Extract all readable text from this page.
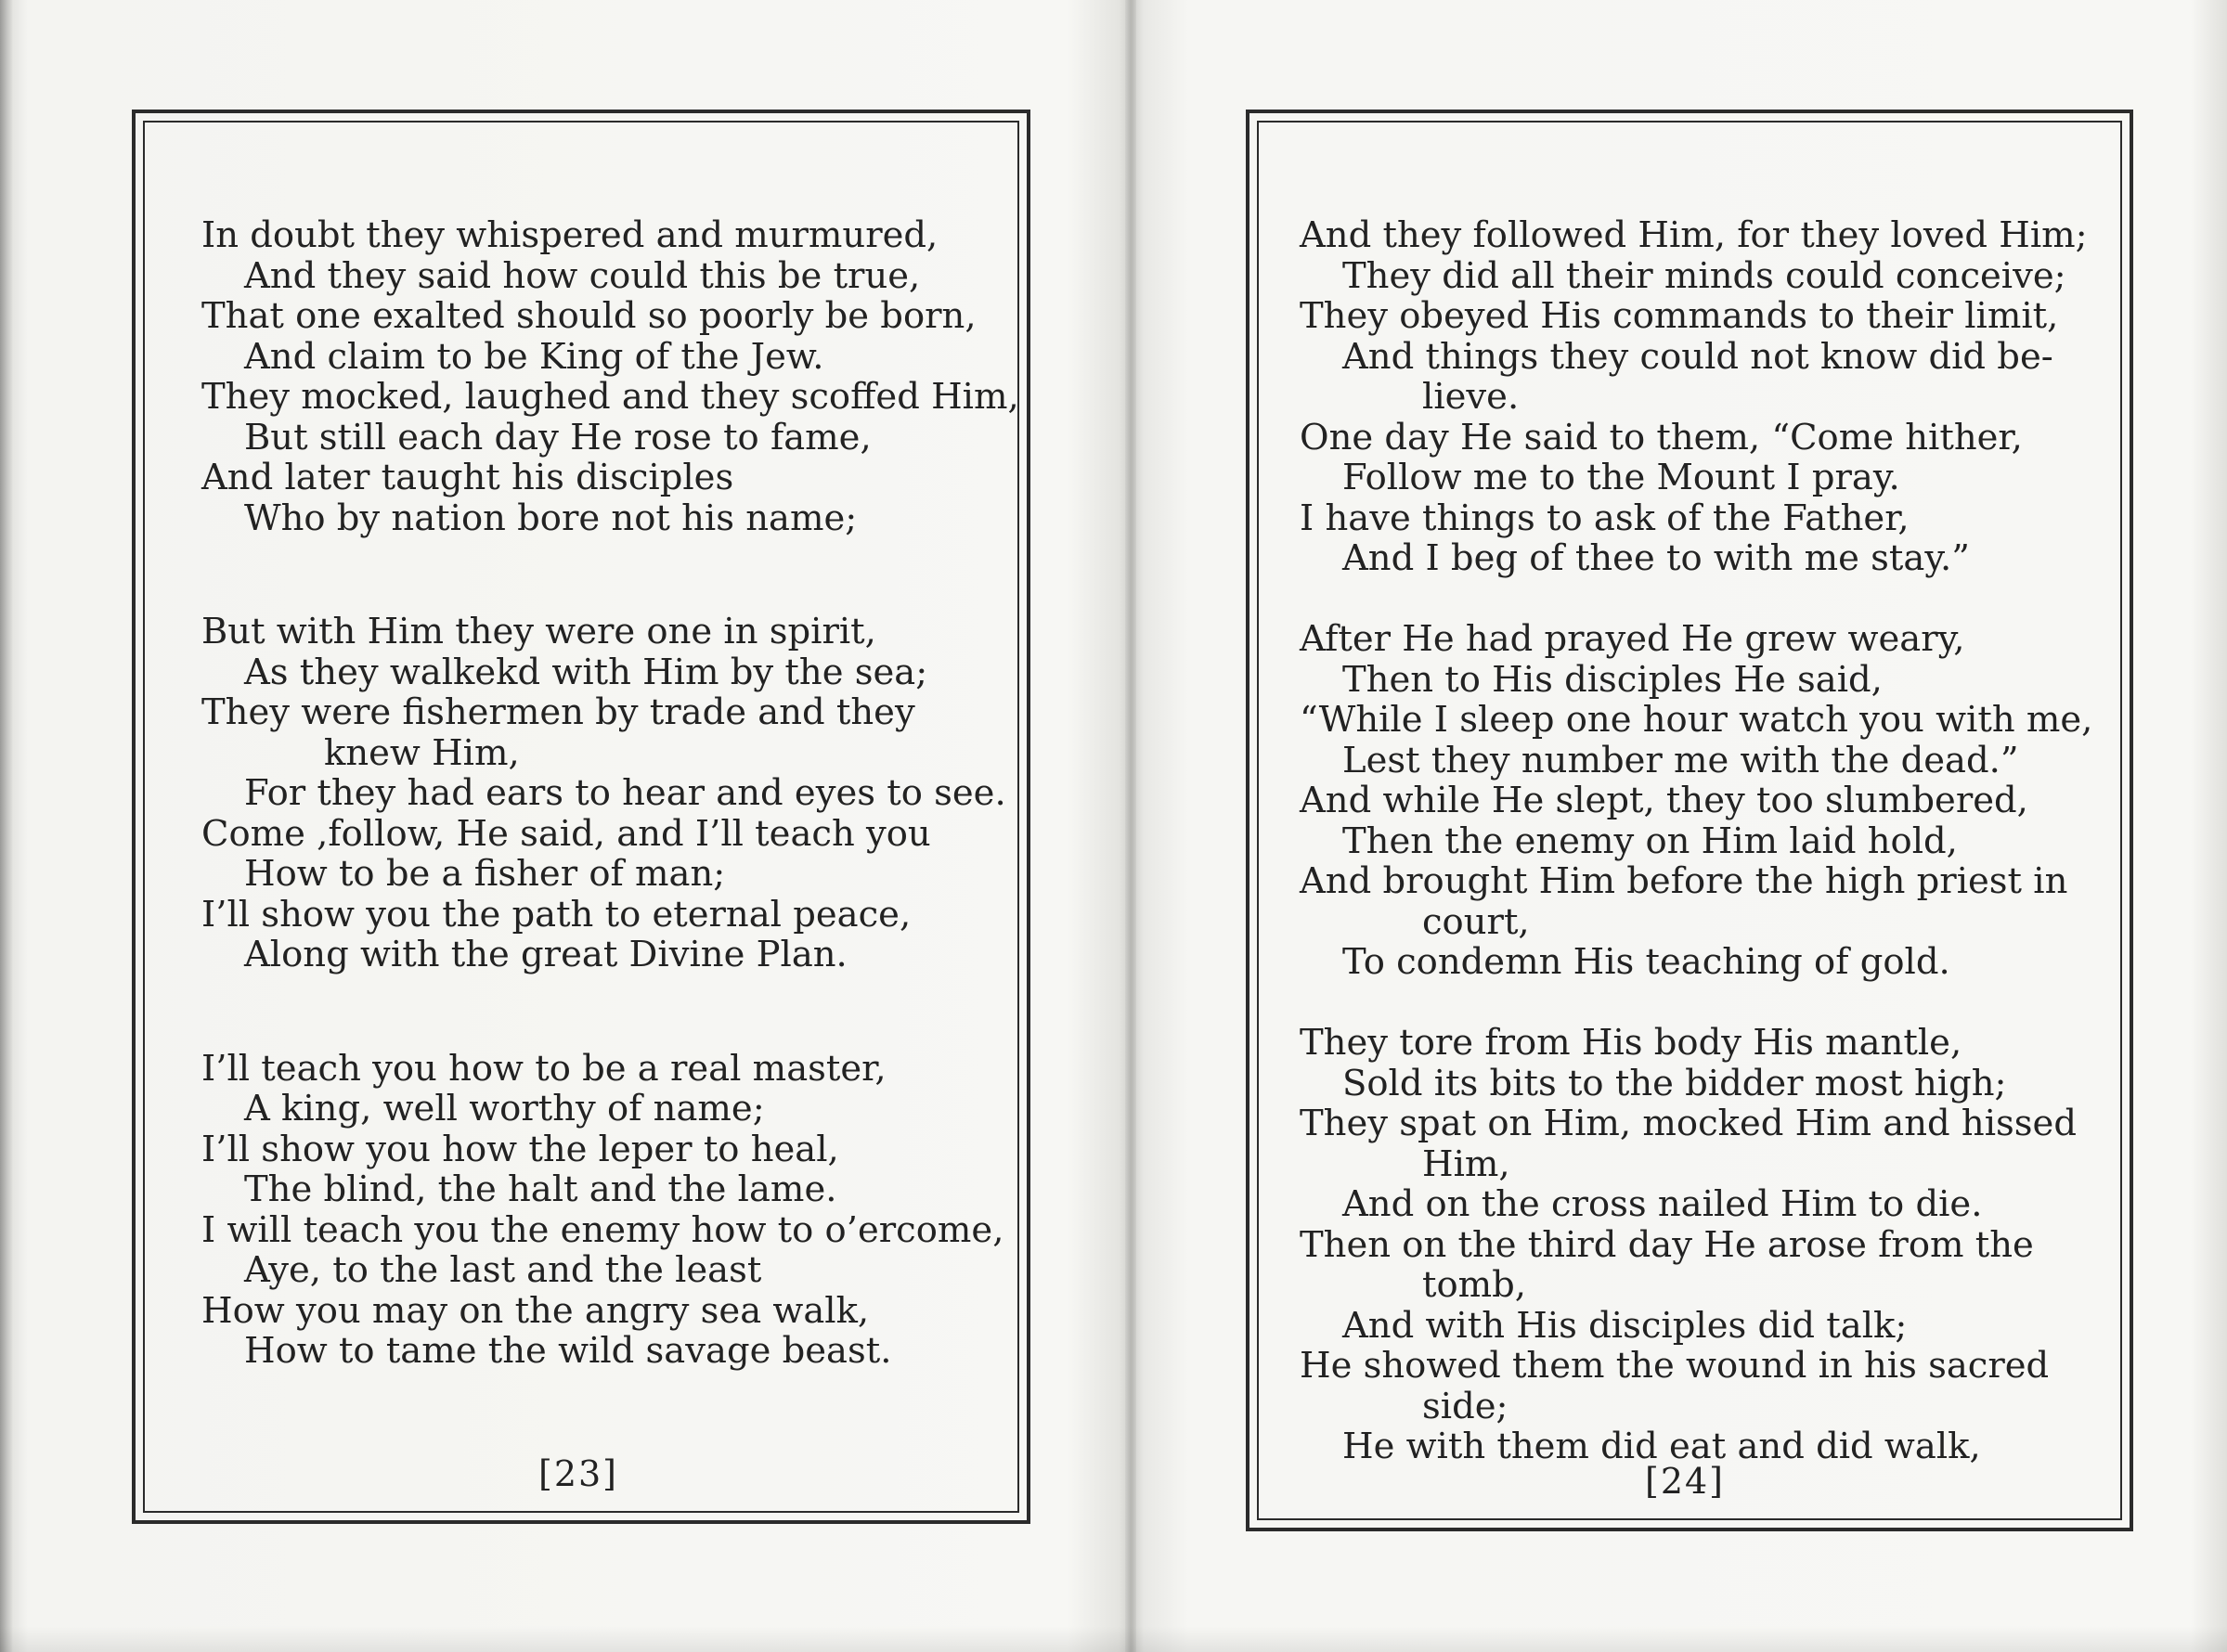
In doubt they whispered and murmured,
And they said how could this be true,
That one exalted should so poorly be born,
And claim to be King of the Jew.
They mocked, laughed and they scoffed Him,
But still each day He rose to fame,
And later taught his disciples
Who by nation bore not his name;
But with Him they were one in spirit,
As they walkekd with Him by the sea;
They were fishermen by trade and they
knew Him,
For they had ears to hear and eyes to see.
Come ,follow, He said, and I’ll teach you
How to be a fisher of man;
I’ll show you the path to eternal peace,
Along with the great Divine Plan.
I’ll teach you how to be a real master,
A king, well worthy of name;
I’ll show you how the leper to heal,
The blind, the halt and the lame.
I will teach you the enemy how to o’ercome,
Aye, to the last and the least
How you may on the angry sea walk,
How to tame the wild savage beast.
[23]
And they followed Him, for they loved Him;
They did all their minds could conceive;
They obeyed His commands to their limit,
And things they could not know did be-
lieve.
One day He said to them, “Come hither,
Follow me to the Mount I pray.
I have things to ask of the Father,
And I beg of thee to with me stay.”
After He had prayed He grew weary,
Then to His disciples He said,
“While I sleep one hour watch you with me,
Lest they number me with the dead.”
And while He slept, they too slumbered,
Then the enemy on Him laid hold,
And brought Him before the high priest in
court,
To condemn His teaching of gold.
They tore from His body His mantle,
Sold its bits to the bidder most high;
They spat on Him, mocked Him and hissed
Him,
And on the cross nailed Him to die.
Then on the third day He arose from the
tomb,
And with His disciples did talk;
He showed them the wound in his sacred
side;
He with them did eat and did walk,
[24]
